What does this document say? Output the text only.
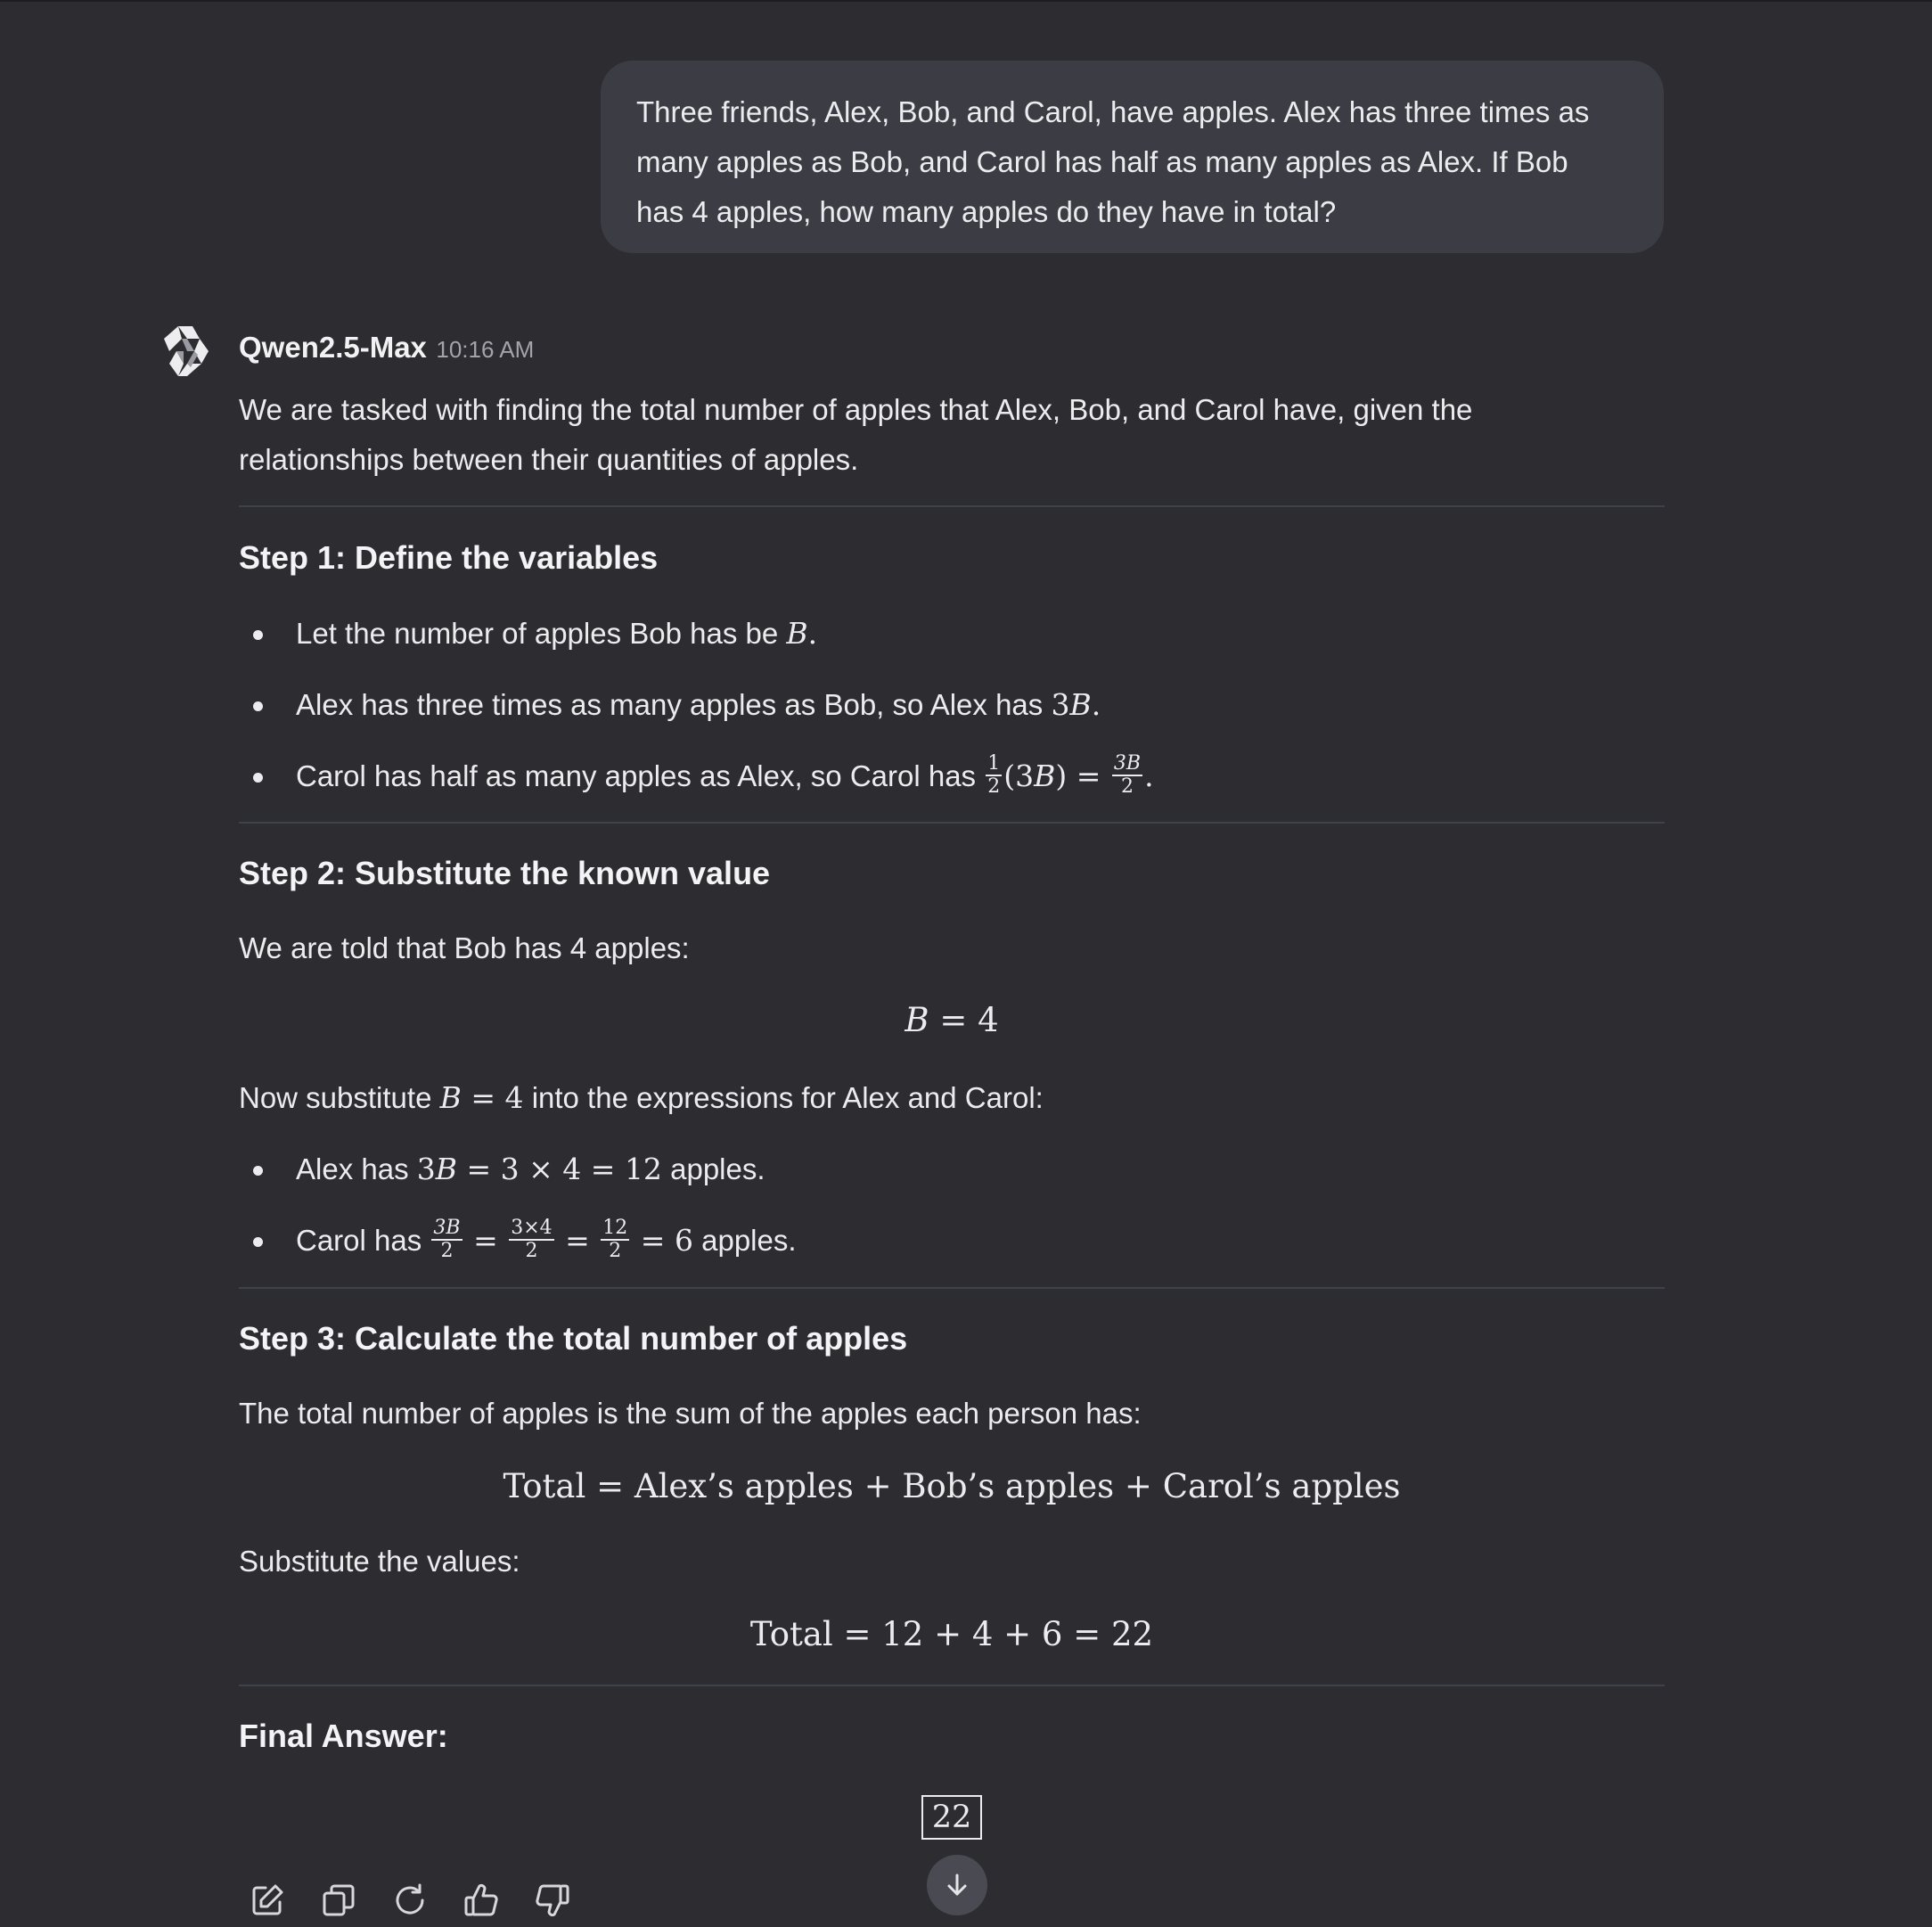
Three friends, Alex, Bob, and Carol, have apples. Alex has three times as
many apples as Bob, and Carol has half as many apples as Alex. If Bob
has 4 apples, how many apples do they have in total?
Qwen2.5-Max 10:16 AM
We are tasked with finding the total number of apples that Alex, Bob, and Carol have, given the
relationships between their quantities of apples.
Step 1: Define the variables
Let the number of apples Bob has be B.
Alex has three times as many apples as Bob, so Alex has 3B.
Carol has half as many apples as Alex, so Carol has $\frac{1}{2} (3B) = \frac{3B}{2}$ .
Step 2: Substitute the known value
We are told that Bob has 4 apples:
B = 4
Now substitute B = 4 into the expressions for Alex and Carol:
Alex has 3B = 3 × 4 = 12 apples.
Carol has $\frac{3B}{2} = \frac{3\times 4}{2} = \frac{12}{2} = 6$ apples.
Step 3: Calculate the total number of apples
The total number of apples is the sum of the apples each person has:
Total = Alex’s apples + Bob’s apples + Carol’s apples
Substitute the values:
Total = 12 + 4 + 6 = 22
Final Answer:
22
